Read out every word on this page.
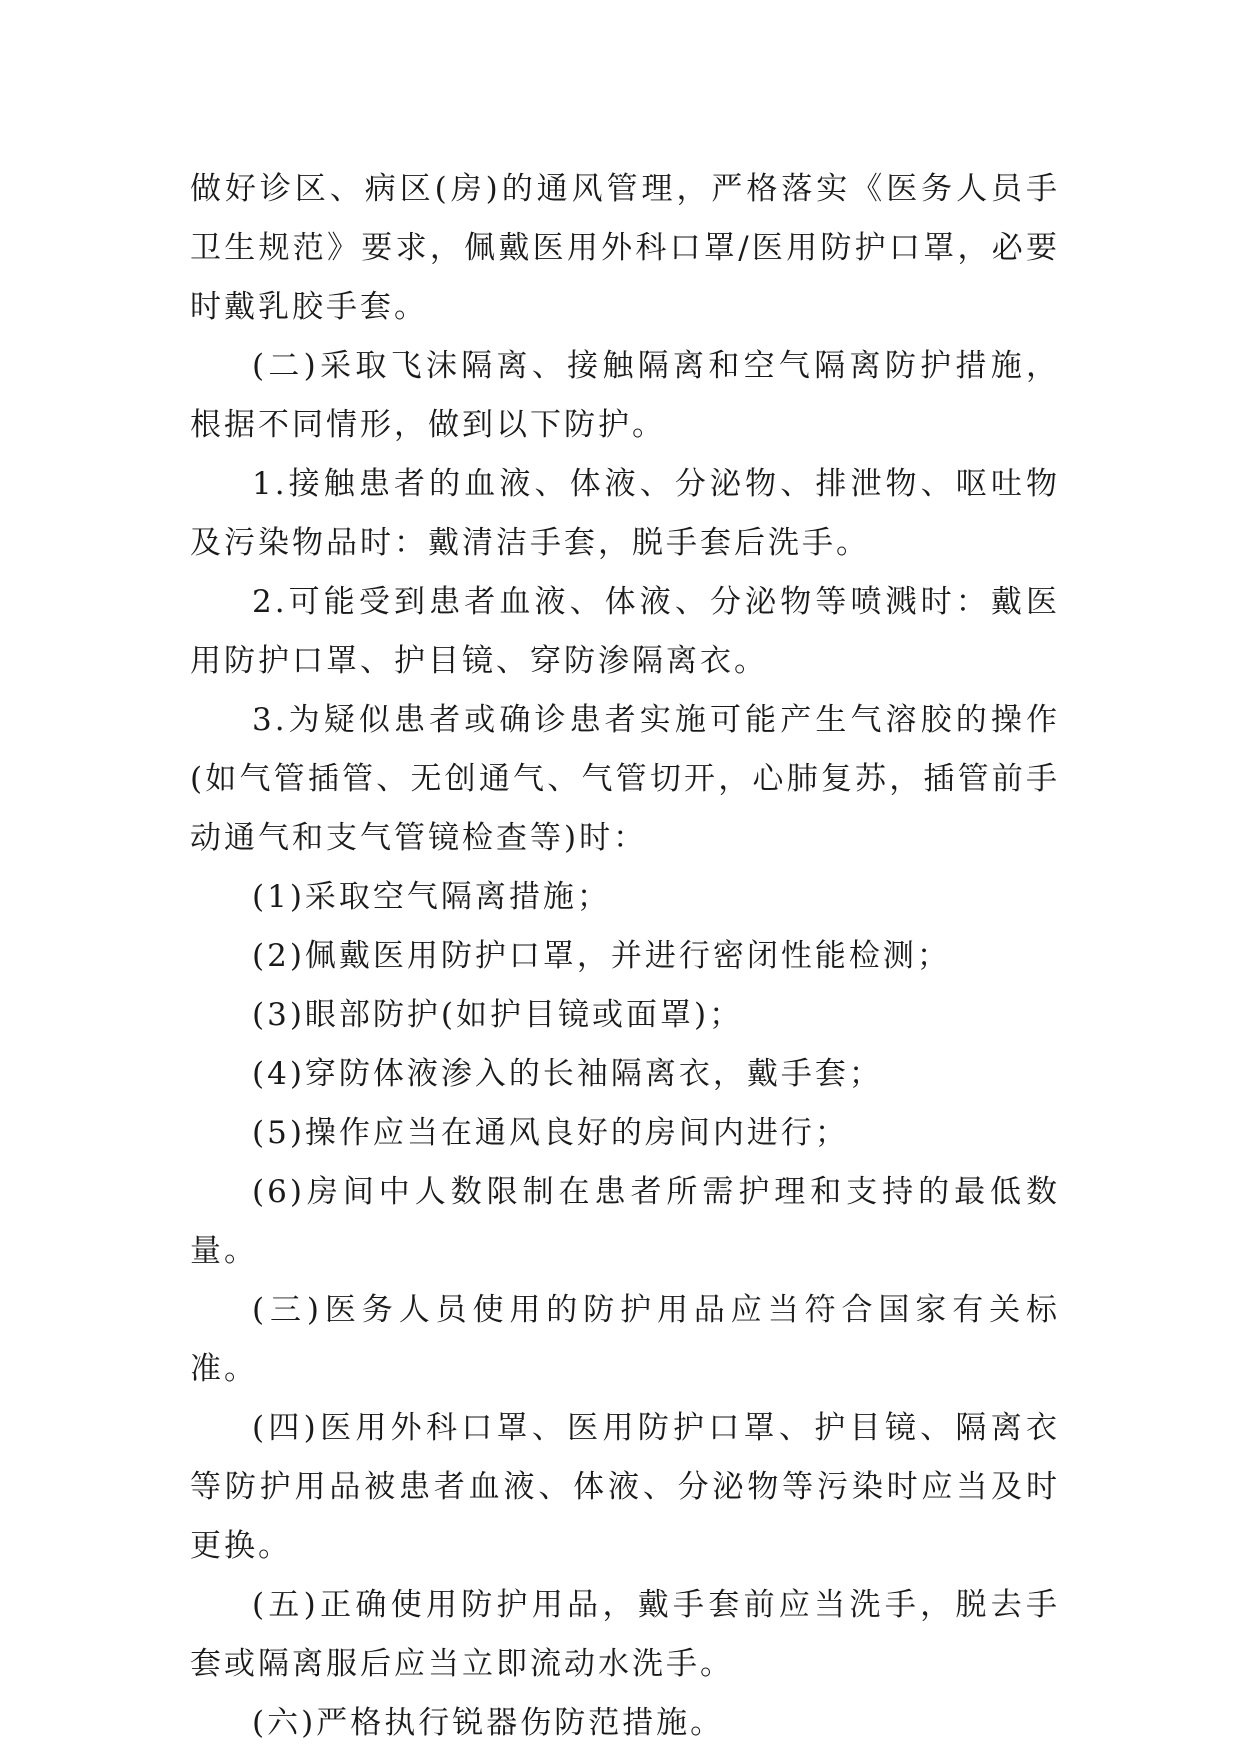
做好诊区、病区(房)的通风管理，严格落实《医务人员手卫生规范》要求，佩戴医用外科口罩/医用防护口罩，必要时戴乳胶手套。

(二)采取飞沫隔离、接触隔离和空气隔离防护措施，根据不同情形，做到以下防护。

1.接触患者的血液、体液、分泌物、排泄物、呕吐物及污染物品时：戴清洁手套，脱手套后洗手。

2.可能受到患者血液、体液、分泌物等喷溅时：戴医用防护口罩、护目镜、穿防渗隔离衣。

3.为疑似患者或确诊患者实施可能产生气溶胶的操作(如气管插管、无创通气、气管切开，心肺复苏，插管前手动通气和支气管镜检查等)时：

(1)采取空气隔离措施；

(2)佩戴医用防护口罩，并进行密闭性能检测；

(3)眼部防护(如护目镜或面罩)；

(4)穿防体液渗入的长袖隔离衣，戴手套；

(5)操作应当在通风良好的房间内进行；

(6)房间中人数限制在患者所需护理和支持的最低数量。

(三)医务人员使用的防护用品应当符合国家有关标准。

(四)医用外科口罩、医用防护口罩、护目镜、隔离衣等防护用品被患者血液、体液、分泌物等污染时应当及时更换。

(五)正确使用防护用品，戴手套前应当洗手，脱去手套或隔离服后应当立即流动水洗手。

(六)严格执行锐器伤防范措施。
